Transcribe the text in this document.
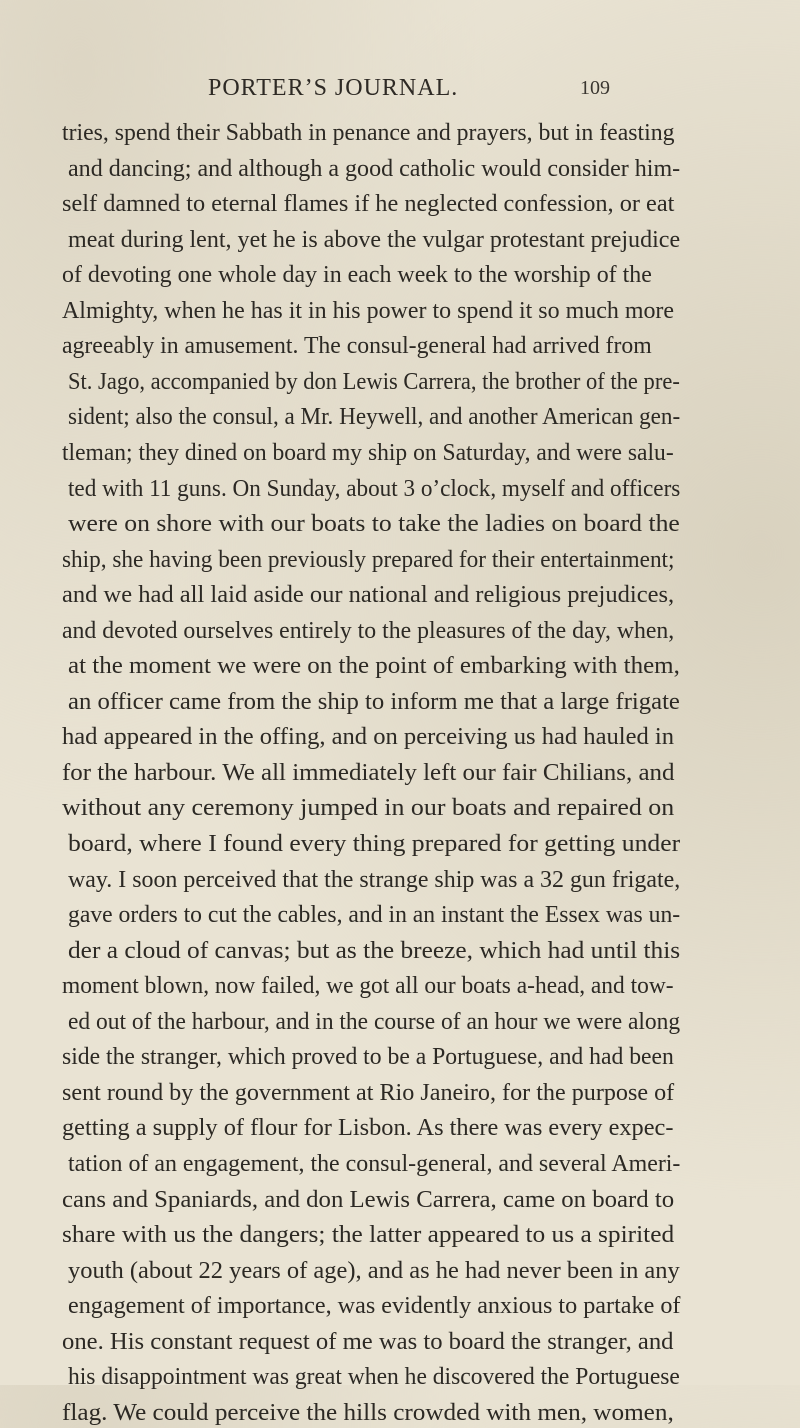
PORTER’S JOURNAL.	109
tries, spend their Sabbath in penance and prayers, but in feasting
and dancing; and although a good catholic would consider him-
self damned to eternal flames if he neglected confession, or eat
meat during lent, yet he is above the vulgar protestant prejudice
of devoting one whole day in each week to the worship of the
Almighty, when he has it in his power to spend it so much more
agreeably in amusement. The consul-general had arrived from
St. Jago, accompanied by don Lewis Carrera, the brother of the pre-
sident; also the consul, a Mr. Heywell, and another American gen-
tleman; they dined on board my ship on Saturday, and were salu-
ted with 11 guns. On Sunday, about 3 o’clock, myself and officers
were on shore with our boats to take the ladies on board the
ship, she having been previously prepared for their entertainment;
and we had all laid aside our national and religious prejudices,
and devoted ourselves entirely to the pleasures of the day, when,
at the moment we were on the point of embarking with them,
an officer came from the ship to inform me that a large frigate
had appeared in the offing, and on perceiving us had hauled in
for the harbour. We all immediately left our fair Chilians, and
without any ceremony jumped in our boats and repaired on
board, where I found every thing prepared for getting under
way. I soon perceived that the strange ship was a 32 gun frigate,
gave orders to cut the cables, and in an instant the Essex was un-
der a cloud of canvas; but as the breeze, which had until this
moment blown, now failed, we got all our boats a-head, and tow-
ed out of the harbour, and in the course of an hour we were along
side the stranger, which proved to be a Portuguese, and had been
sent round by the government at Rio Janeiro, for the purpose of
getting a supply of flour for Lisbon. As there was every expec-
tation of an engagement, the consul-general, and several Ameri-
cans and Spaniards, and don Lewis Carrera, came on board to
share with us the dangers; the latter appeared to us a spirited
youth (about 22 years of age), and as he had never been in any
engagement of importance, was evidently anxious to partake of
one. His constant request of me was to board the stranger, and
his disappointment was great when he discovered the Portuguese
flag. We could perceive the hills crowded with men, women,
